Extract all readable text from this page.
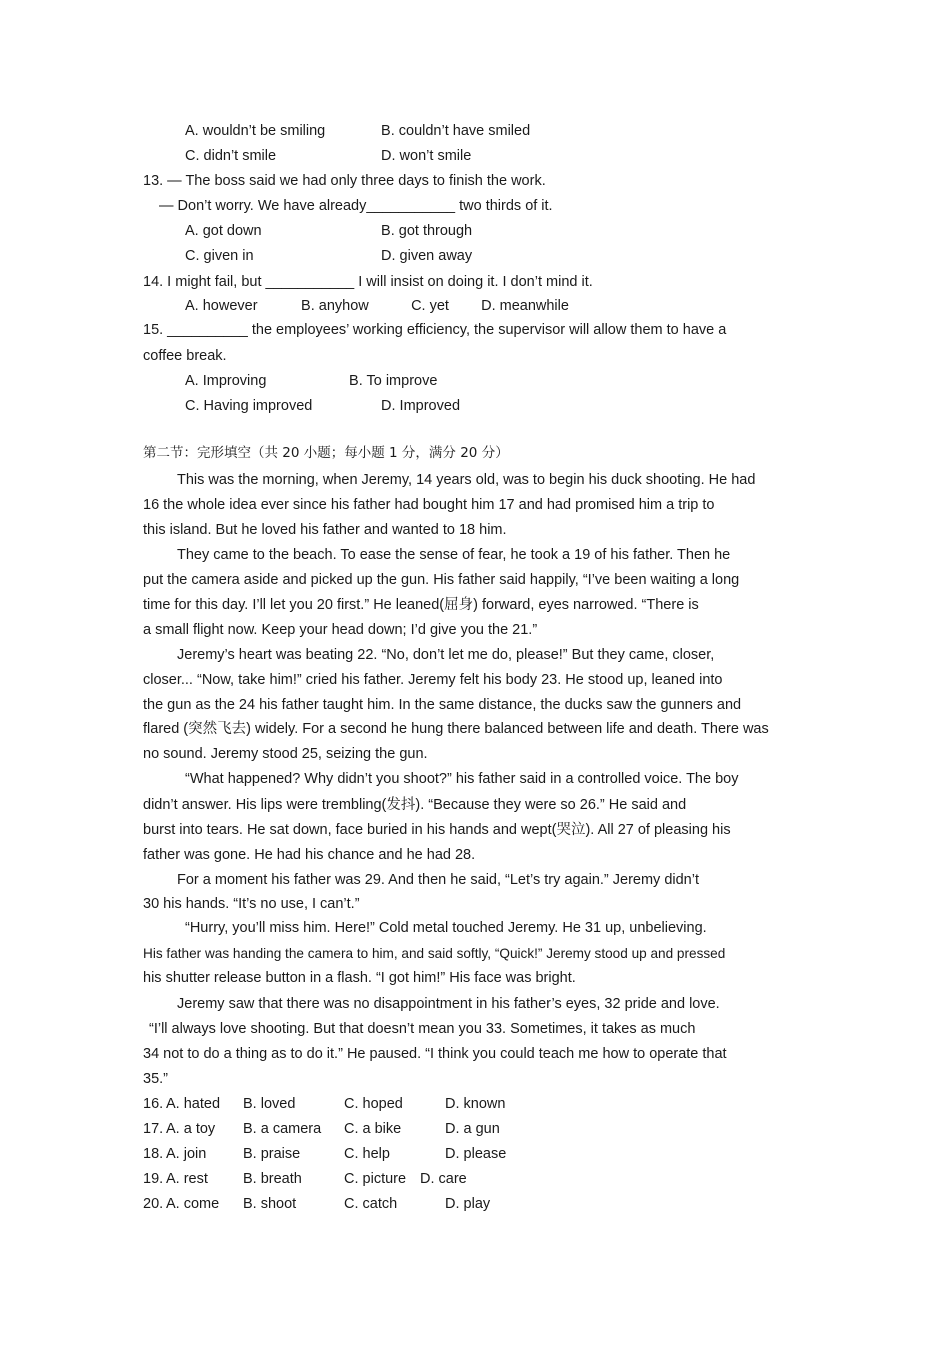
A. wouldn’t be smiling	B. couldn’t have smiled
C. didn’t smile	D. won’t smile
13. — The boss said we had only three days to finish the work.
— Don’t worry. We have already___________ two thirds of it.
A. got down	B. got through
C. given in	D. given away
14. I might fail, but ___________ I will insist on doing it. I don’t mind it.
A. however	B. anyhow	C. yet D. meanwhile
15. __________ the employees’ working efficiency, the supervisor will allow them to have a
coffee break.
A. Improving	B. To improve
C. Having improved	D. Improved
第二节：完形填空（共 20 小题；每小题 1 分，满分 20 分）
This was the morning, when Jeremy, 14 years old, was to begin his duck shooting. He had
16 the whole idea ever since his father had bought him 17 and had promised him a trip to
this island. But he loved his father and wanted to 18 him.
They came to the beach. To ease the sense of fear, he took a 19 of his father. Then he
put the camera aside and picked up the gun. His father said happily, “I’ve been waiting a long
time for this day. I’ll let you 20 first.” He leaned(屈身) forward, eyes narrowed. “There is
a small flight now. Keep your head down; I’d give you the 21.”
Jeremy’s heart was beating 22. “No, don’t let me do, please!” But they came, closer,
closer... “Now, take him!” cried his father. Jeremy felt his body 23. He stood up, leaned into
the gun as the 24 his father taught him. In the same distance, the ducks saw the gunners and
flared (突然飞去) widely. For a second he hung there balanced between life and death. There was
no sound. Jeremy stood 25, seizing the gun.
“What happened? Why didn’t you shoot?” his father said in a controlled voice. The boy
didn’t answer. His lips were trembling(发抖). “Because they were so 26.” He said and
burst into tears. He sat down, face buried in his hands and wept(哭泣). All 27 of pleasing his
father was gone. He had his chance and he had 28.
For a moment his father was 29. And then he said, “Let’s try again.” Jeremy didn’t
30 his hands. “It’s no use, I can’t.”
“Hurry, you’ll miss him. Here!” Cold metal touched Jeremy. He 31 up, unbelieving.
His father was handing the camera to him, and said softly, “Quick!” Jeremy stood up and pressed
his shutter release button in a flash. “I got him!” His face was bright.
Jeremy saw that there was no disappointment in his father’s eyes, 32 pride and love.
“I’ll always love shooting. But that doesn’t mean you 33. Sometimes, it takes as much
34 not to do a thing as to do it.” He paused. “I think you could teach me how to operate that
35.”
16. A. hated B. loved	C. hoped	D. known
17. A. a toy B. a camera C. a bike	D. a gun
18. A. join	B. praise	C. help	D. please
19. A. rest B. breath	C. picture D. care
20. A. come B. shoot	C. catch	D. play
